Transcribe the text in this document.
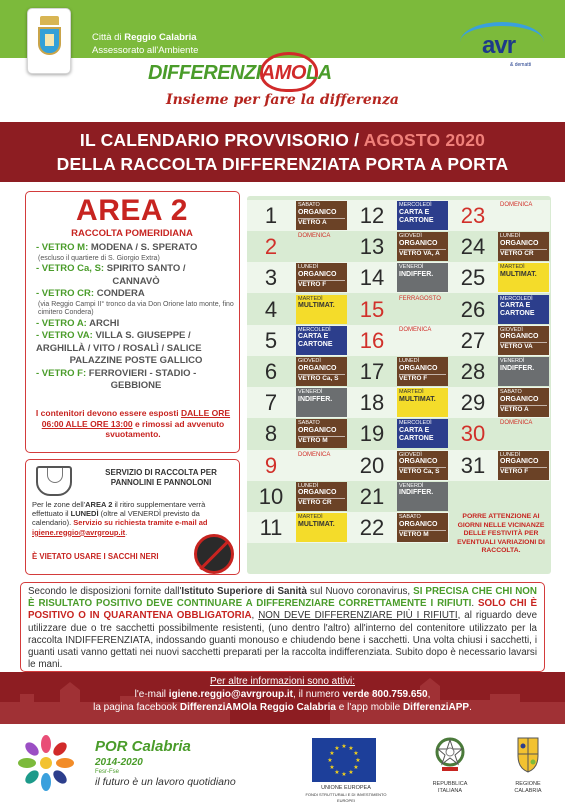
Città di Reggio Calabria
Assessorato all'Ambiente	avr
& dematti
DIFFERENZIAMOLA
Insieme per fare la differenza
IL CALENDARIO PROVVISORIO / AGOSTO 2020
DELLA RACCOLTA DIFFERENZIATA PORTA A PORTA
AREA 2
RACCOLTA POMERIDIANA
- VETRO M: MODENA / S. SPERATO
(escluso il quartiere di S. Giorgio Extra)
- VETRO Ca, S: SPIRITO SANTO /
CANNAVÒ
- VETRO CR: CONDERA
(via Reggio Campi II° tronco da via Don Orione lato monte, fino cimitero Condera)
- VETRO A: ARCHI
- VETRO VA: VILLA S. GIUSEPPE / ARGHILLÀ / VITO / ROSALÌ / SALICE
PALAZZINE POSTE GALLICO
- VETRO F: FERROVIERI - STADIO -
GEBBIONE
I contenitori devono essere esposti DALLE ORE 06:00 ALLE ORE 13:00 e rimossi ad avvenuto svuotamento.
SERVIZIO DI RACCOLTA PER PANNOLINI E PANNOLONI
Per le zone dell'AREA 2 il ritiro supplementare verrà effettuato il LUNEDÌ (oltre al VENERDÌ previsto da calendario). Servizio su richiesta tramite e-mail ad igiene.reggio@avrgroup.it.
È VIETATO USARE I SACCHI NERI
PORRE ATTENZIONE AI GIORNI NELLE VICINANZE DELLE FESTIVITÀ PER EVENTUALI VARIAZIONI DI RACCOLTA.
1	SABATO
ORGANICO
VETRO A
2	DOMENICA
3	LUNEDÌ
ORGANICO
VETRO F
4	MARTEDÌ
MULTIMAT.
5	MERCOLEDÌ
CARTA E CARTONE
6	GIOVEDÌ
ORGANICO
VETRO Ca, S
7	VENERDÌ
INDIFFER.
8	SABATO
ORGANICO
VETRO M
9	DOMENICA
10	LUNEDÌ
ORGANICO
VETRO CR
11	MARTEDÌ
MULTIMAT.
12	MERCOLEDÌ
CARTA E CARTONE
13	GIOVEDÌ
ORGANICO
VETRO VA, A
14	VENERDÌ
INDIFFER.
15	FERRAGOSTO
16	DOMENICA
17	LUNEDÌ
ORGANICO
VETRO F
18	MARTEDÌ
MULTIMAT.
19	MERCOLEDÌ
CARTA E CARTONE
20	GIOVEDÌ
ORGANICO
VETRO Ca, S
21	VENERDÌ
INDIFFER.
22	SABATO
ORGANICO
VETRO M
23	DOMENICA
24	LUNEDÌ
ORGANICO
VETRO CR
25	MARTEDÌ
MULTIMAT.
26	MERCOLEDÌ
CARTA E CARTONE
27	GIOVEDÌ
ORGANICO
VETRO VA
28	VENERDÌ
INDIFFER.
29	SABATO
ORGANICO
VETRO A
30	DOMENICA
31	LUNEDÌ
ORGANICO
VETRO F
Secondo le disposizioni fornite dall'Istituto Superiore di Sanità sul Nuovo coronavirus, SI PRECISA CHE CHI NON È RISULTATO POSITIVO DEVE CONTINUARE A DIFFERENZIARE CORRETTAMENTE I RIFIUTI. SOLO CHI È POSITIVO O IN QUARANTENA OBBLIGATORIA, NON DEVE DIFFERENZIARE PIÙ I RIFIUTI, al riguardo deve utilizzare due o tre sacchetti possibilmente resistenti, (uno dentro l'altro) all'interno del contenitore utilizzato per la raccolta INDIFFERENZIATA, indossando guanti monouso e chiudendo bene i sacchetti. Una volta chiusi i sacchetti, i guanti usati vanno gettati nei nuovi sacchetti preparati per la raccolta indifferenziata. Subito dopo è necessario lavarsi le mani.
Per altre informazioni sono attivi:
l'e-mail igiene.reggio@avrgroup.it, il numero verde 800.759.650,
la pagina facebook DifferenziAMOla Reggio Calabria e l'app mobile DifferenziAPP.
POR Calabria
2014-2020
Fesr-Fse
il futuro è un lavoro quotidiano
★ ★
★
★
★
★
★
★
★
★
★
★
UNIONE EUROPEA
FONDI STRUTTURALI E DI INVESTIMENTO EUROPEI
REPUBBLICA
ITALIANA
REGIONE
CALABRIA
